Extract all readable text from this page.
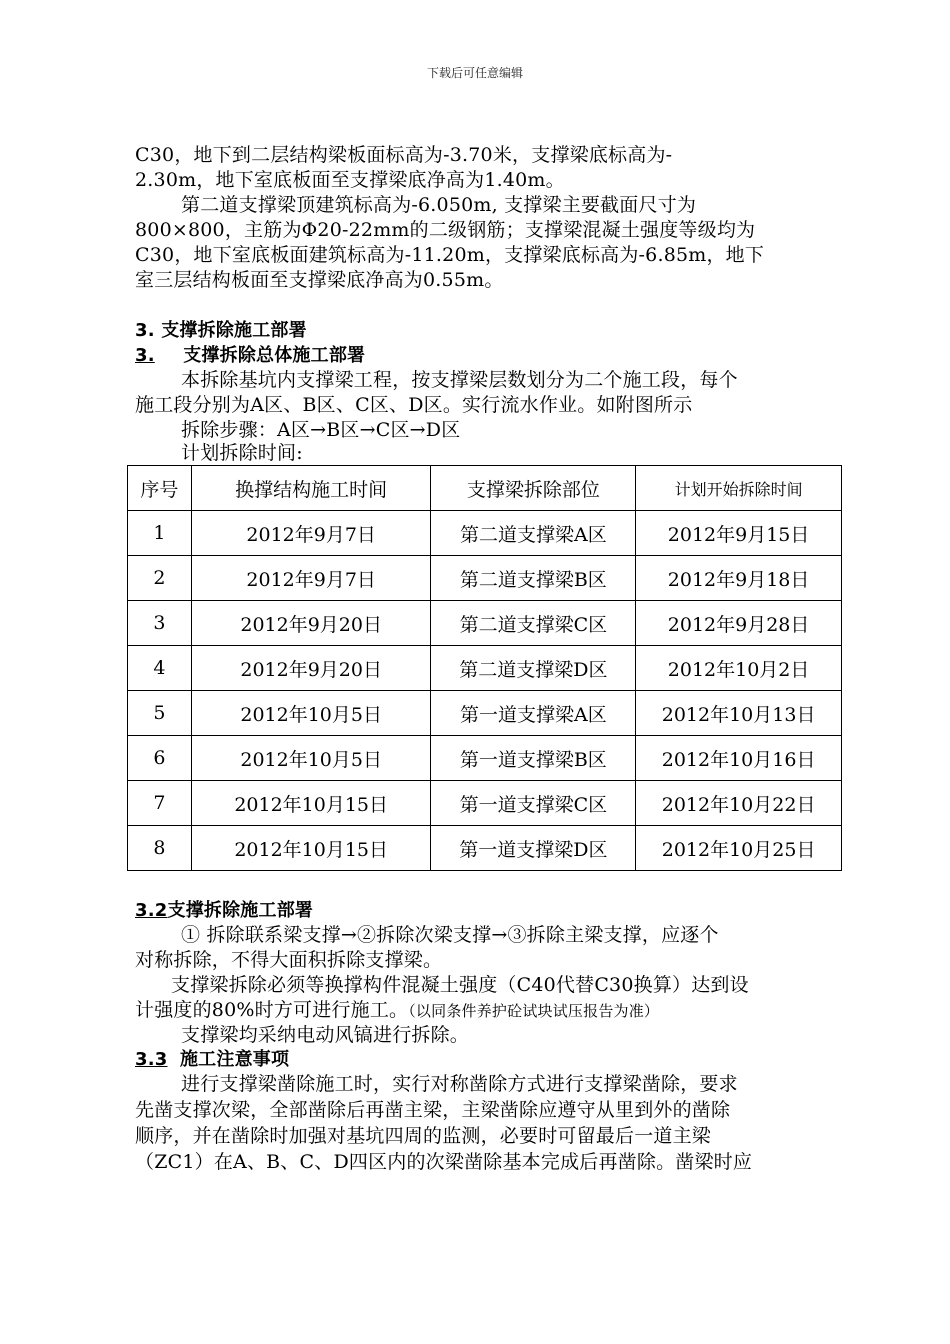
下载后可任意编辑
C30，地下到二层结构梁板面标高为-3.70米，支撑梁底标高为-
2.30m，地下室底板面至支撑梁底净高为1.40m。
第二道支撑梁顶建筑标高为-6.050m, 支撑梁主要截面尺寸为
800×800，主筋为Φ20-22mm的二级钢筋；支撑梁混凝土强度等级均为
C30，地下室底板面建筑标高为-11.20m，支撑梁底标高为-6.85m，地下
室三层结构板面至支撑梁底净高为0.55m。
3. 支撑拆除施工部署
3. 支撑拆除总体施工部署
本拆除基坑内支撑梁工程，按支撑梁层数划分为二个施工段，每个
施工段分别为A区、B区、C区、D区。实行流水作业。如附图所示
拆除步骤：A区→B区→C区→D区
计划拆除时间:
序号	换撑结构施工时间	支撑梁拆除部位	计划开始拆除时间
1	2012年9月7日	第二道支撑梁A区	2012年9月15日
2	2012年9月7日	第二道支撑梁B区	2012年9月18日
3	2012年9月20日	第二道支撑梁C区	2012年9月28日
4	2012年9月20日	第二道支撑梁D区	2012年10月2日
5	2012年10月5日	第一道支撑梁A区	2012年10月13日
6	2012年10月5日	第一道支撑梁B区	2012年10月16日
7	2012年10月15日	第一道支撑梁C区	2012年10月22日
8	2012年10月15日	第一道支撑梁D区	2012年10月25日
3.2支撑拆除施工部署
① 拆除联系梁支撑→②拆除次梁支撑→③拆除主梁支撑，应逐个
对称拆除，不得大面积拆除支撑梁。
支撑梁拆除必须等换撑构件混凝土强度（C40代替C30换算）达到设
计强度的80%时方可进行施工。（以同条件养护砼试块试压报告为准）
支撑梁均采纳电动风镐进行拆除。
3.3 施工注意事项
进行支撑梁凿除施工时，实行对称凿除方式进行支撑梁凿除，要求
先凿支撑次梁，全部凿除后再凿主梁，主梁凿除应遵守从里到外的凿除
顺序，并在凿除时加强对基坑四周的监测，必要时可留最后一道主梁
（ZC1）在A、B、C、D四区内的次梁凿除基本完成后再凿除。凿梁时应
